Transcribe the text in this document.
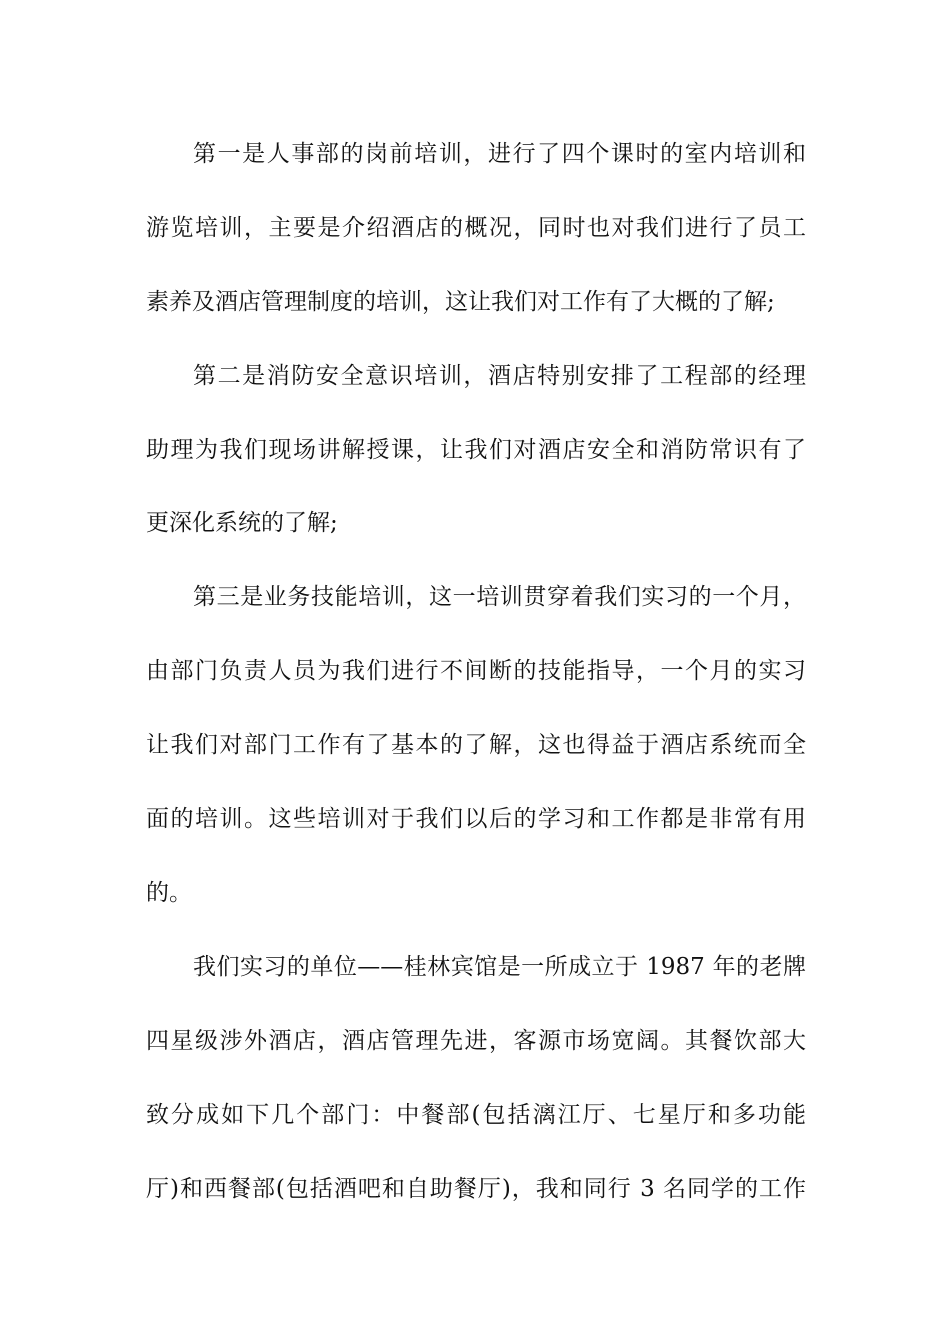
第一是人事部的岗前培训，进行了四个课时的室内培训和
游览培训，主要是介绍酒店的概况，同时也对我们进行了员工
素养及酒店管理制度的培训，这让我们对工作有了大概的了解;
第二是消防安全意识培训，酒店特别安排了工程部的经理
助理为我们现场讲解授课，让我们对酒店安全和消防常识有了
更深化系统的了解;
第三是业务技能培训，这一培训贯穿着我们实习的一个月，
由部门负责人员为我们进行不间断的技能指导，一个月的实习
让我们对部门工作有了基本的了解，这也得益于酒店系统而全
面的培训。这些培训对于我们以后的学习和工作都是非常有用
的。
我们实习的单位——桂林宾馆是一所成立于 1987 年的老牌
四星级涉外酒店，酒店管理先进，客源市场宽阔。其餐饮部大
致分成如下几个部门：中餐部(包括漓江厅、七星厅和多功能
厅)和西餐部(包括酒吧和自助餐厅)，我和同行 3 名同学的工作
